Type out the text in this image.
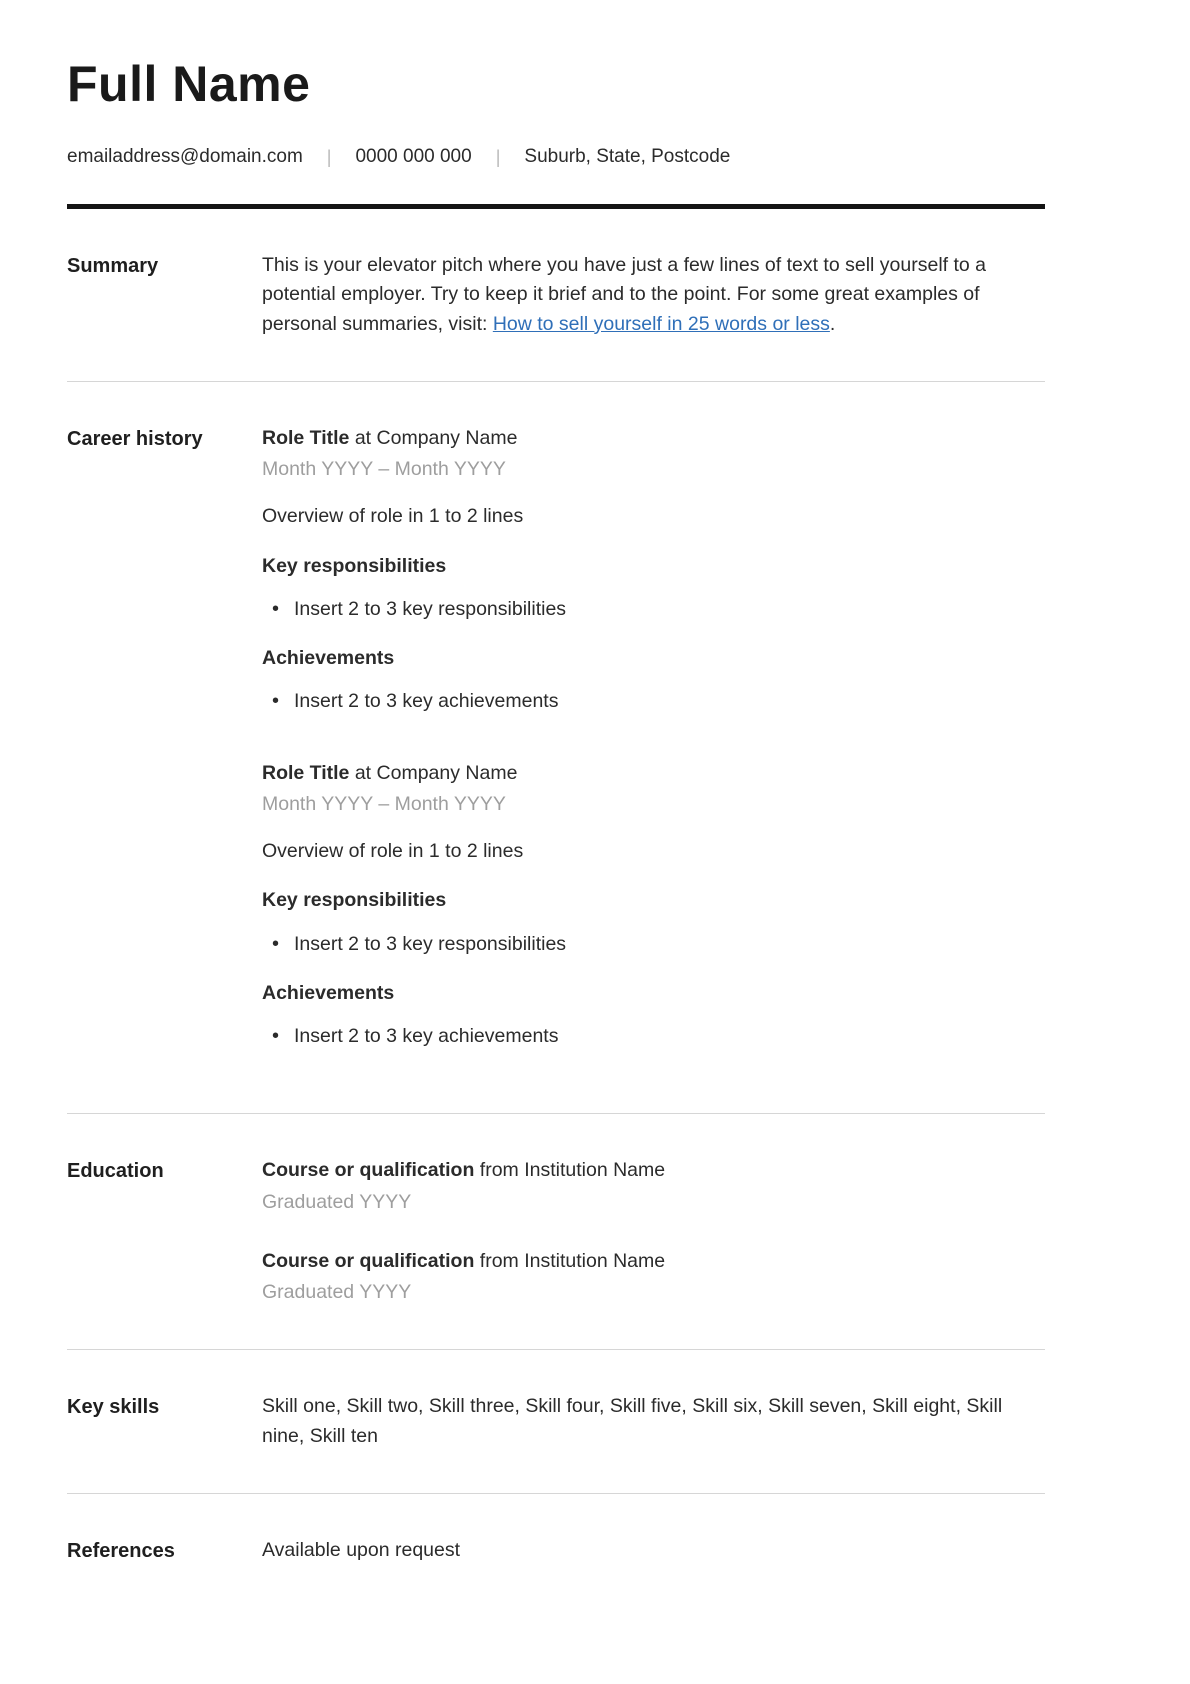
Full Name
emailaddress@domain.com | 0000 000 000 | Suburb, State, Postcode
Summary	This is your elevator pitch where you have just a few lines of text to sell yourself to a potential employer. Try to keep it brief and to the point. For some great examples of personal summaries, visit: How to sell yourself in 25 words or less.

Career history	Role Title at Company Name
Month YYYY – Month YYYY
Overview of role in 1 to 2 lines
Key responsibilities
• Insert 2 to 3 key responsibilities
Achievements
• Insert 2 to 3 key achievements
Role Title at Company Name
Month YYYY – Month YYYY
Overview of role in 1 to 2 lines
Key responsibilities
• Insert 2 to 3 key responsibilities
Achievements
• Insert 2 to 3 key achievements
Education	Course or qualification from Institution Name
Graduated YYYY
Course or qualification from Institution Name
Graduated YYYY
Key skills	Skill one, Skill two, Skill three, Skill four, Skill five, Skill six, Skill seven, Skill eight, Skill nine, Skill ten

References	Available upon request
